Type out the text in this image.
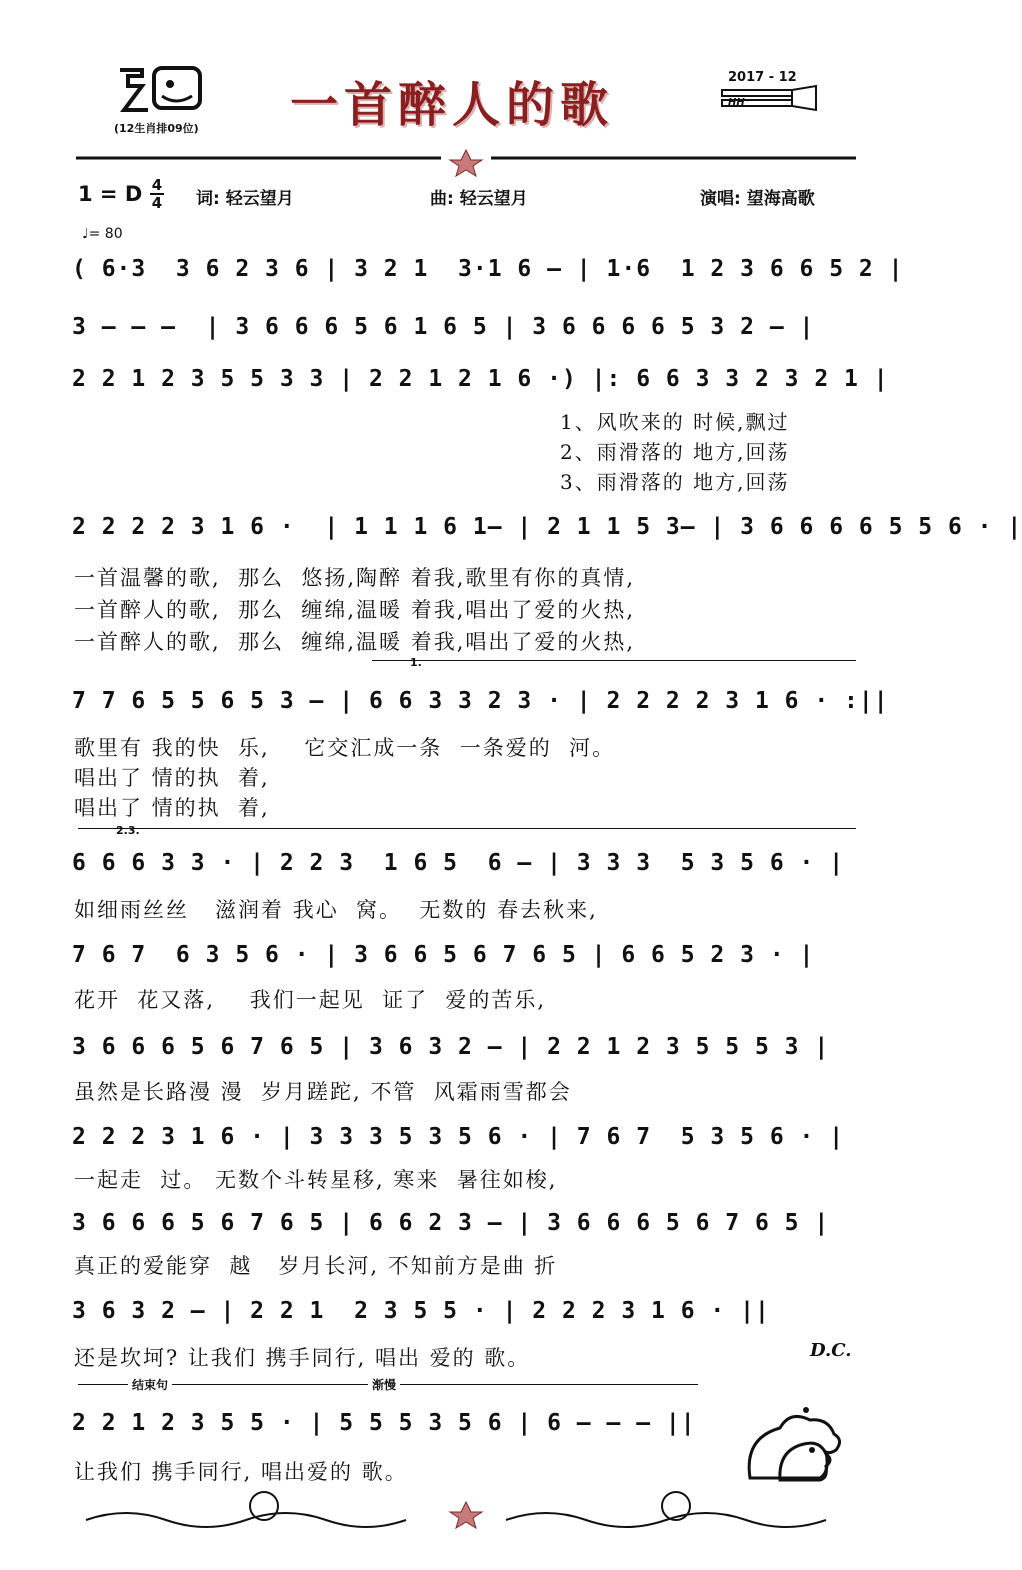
(12生肖排09位) 一首醉人的歌	2017 - 12
HH
1 = D 4
4 词: 轻云望月	曲: 轻云望月	演唱: 望海高歌
♩= 80
( 6·3  3 6 2 3 6 | 3 2 1  3·1 6 – | 1·6  1 2 3 6 6 5 2 |
3 – – –  | 3 6 6 6 5 6 1 6 5 | 3 6 6 6 6 5 3 2 – |
2 2 1 2 3 5 5 3 3 | 2 2 1 2 1 6 ·) |: 6 6 3 3 2 3 2 1 |
1、风吹来的 时候,飘过
2、雨滑落的 地方,回荡
3、雨滑落的 地方,回荡
2 2 2 2 3 1 6 ·  | 1 1 1 6 1– | 2 1 1 5 3– | 3 6 6 6 6 5 5 6 · |
一首温馨的歌,  那么  悠扬,陶醉 着我,歌里有你的真情,
一首醉人的歌,  那么  缠绵,温暖 着我,唱出了爱的火热,
一首醉人的歌,  那么  缠绵,温暖 着我,唱出了爱的火热,
1.
7 7 6 5 5 6 5 3 – | 6 6 3 3 2 3 · | 2 2 2 2 3 1 6 · :||
歌里有 我的快  乐,    它交汇成一条  一条爱的  河。
唱出了 情的执  着,
唱出了 情的执  着,
2.3.
6 6 6 3 3 · | 2 2 3  1 6 5  6 – | 3 3 3  5 3 5 6 · |
如细雨丝丝   滋润着 我心  窝。  无数的 春去秋来,
7 6 7  6 3 5 6 · | 3 6 6 5 6 7 6 5 | 6 6 5 2 3 · |
花开  花又落,    我们一起见  证了  爱的苦乐,
3 6 6 6 5 6 7 6 5 | 3 6 3 2 – | 2 2 1 2 3 5 5 5 3 |
虽然是长路漫 漫  岁月蹉跎, 不管  风霜雨雪都会
2 2 2 3 1 6 · | 3 3 3 5 3 5 6 · | 7 6 7  5 3 5 6 · |
一起走  过。 无数个斗转星移, 寒来  暑往如梭,
3 6 6 6 5 6 7 6 5 | 6 6 2 3 – | 3 6 6 6 5 6 7 6 5 |
真正的爱能穿  越   岁月长河, 不知前方是曲 折
3 6 3 2 – | 2 2 1  2 3 5 5 · | 2 2 2 3 1 6 · ||
还是坎坷? 让我们 携手同行, 唱出 爱的 歌。	D.C.
结束句	渐慢
2 2 1 2 3 5 5 · | 5 5 5 3 5 6 | 6 – – – ||
让我们 携手同行, 唱出爱的 歌。
